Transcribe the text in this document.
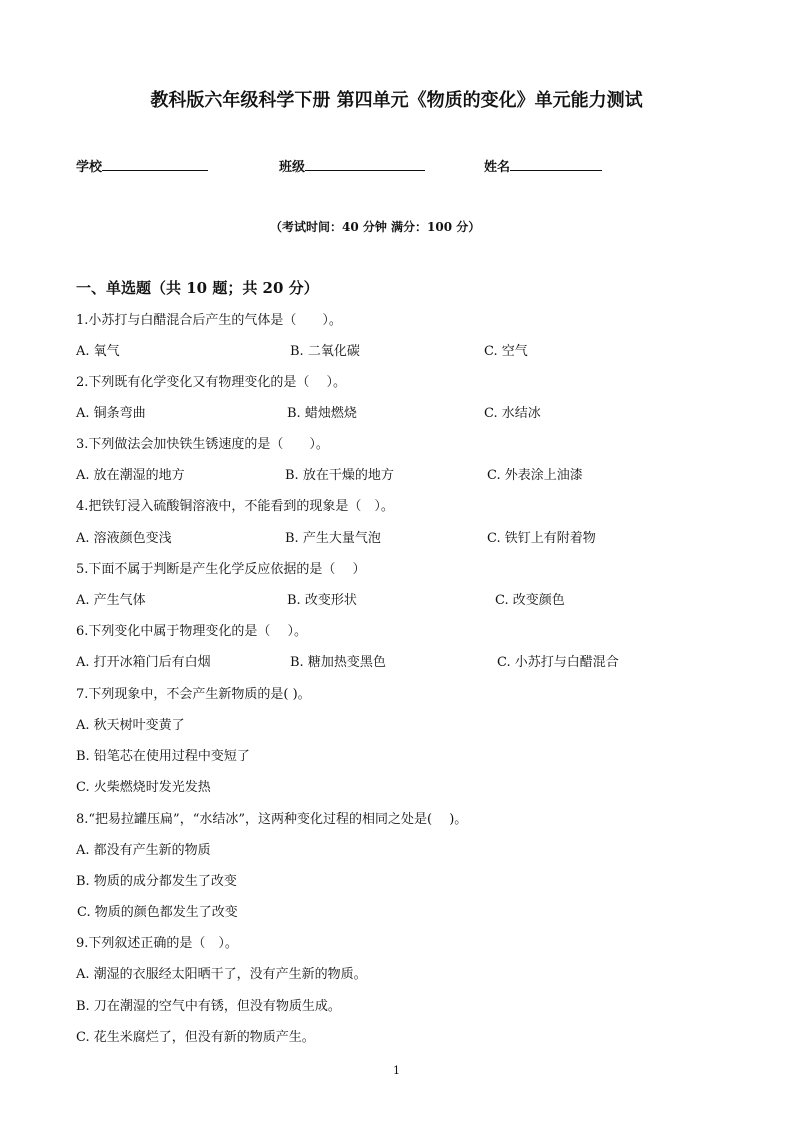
教科版六年级科学下册 第四单元《物质的变化》单元能力测试
学校	班级	姓名
（考试时间：40 分钟 满分：100 分）
一、单选题（共 10 题；共 20 分）
1.小苏打与白醋混合后产生的气体是（　　）。
A. 氧气	B. 二氧化碳	C. 空气
2.下列既有化学变化又有物理变化的是（　 ）。
A. 铜条弯曲	B. 蜡烛燃烧	C. 水结冰
3.下列做法会加快铁生锈速度的是（　　）。
A. 放在潮湿的地方	B. 放在干燥的地方	C. 外表涂上油漆
4.把铁钉浸入硫酸铜溶液中，不能看到的现象是（　）。
A. 溶液颜色变浅	B. 产生大量气泡	C. 铁钉上有附着物
5.下面不属于判断是产生化学反应依据的是（　 ）
A. 产生气体	B. 改变形状	C. 改变颜色
6.下列变化中属于物理变化的是（　 ）。
A. 打开冰箱门后有白烟	B. 糖加热变黑色	C. 小苏打与白醋混合
7.下列现象中，不会产生新物质的是( )。
A. 秋天树叶变黄了
B. 铅笔芯在使用过程中变短了
C. 火柴燃烧时发光发热
8.“把易拉罐压扁”，“水结冰”，这两种变化过程的相同之处是(　 )。
A. 都没有产生新的物质
B. 物质的成分都发生了改变
C. 物质的颜色都发生了改变
9.下列叙述正确的是（　）。
A. 潮湿的衣服经太阳晒干了，没有产生新的物质。
B. 刀在潮湿的空气中有锈，但没有物质生成。
C. 花生米腐烂了，但没有新的物质产生。
1
